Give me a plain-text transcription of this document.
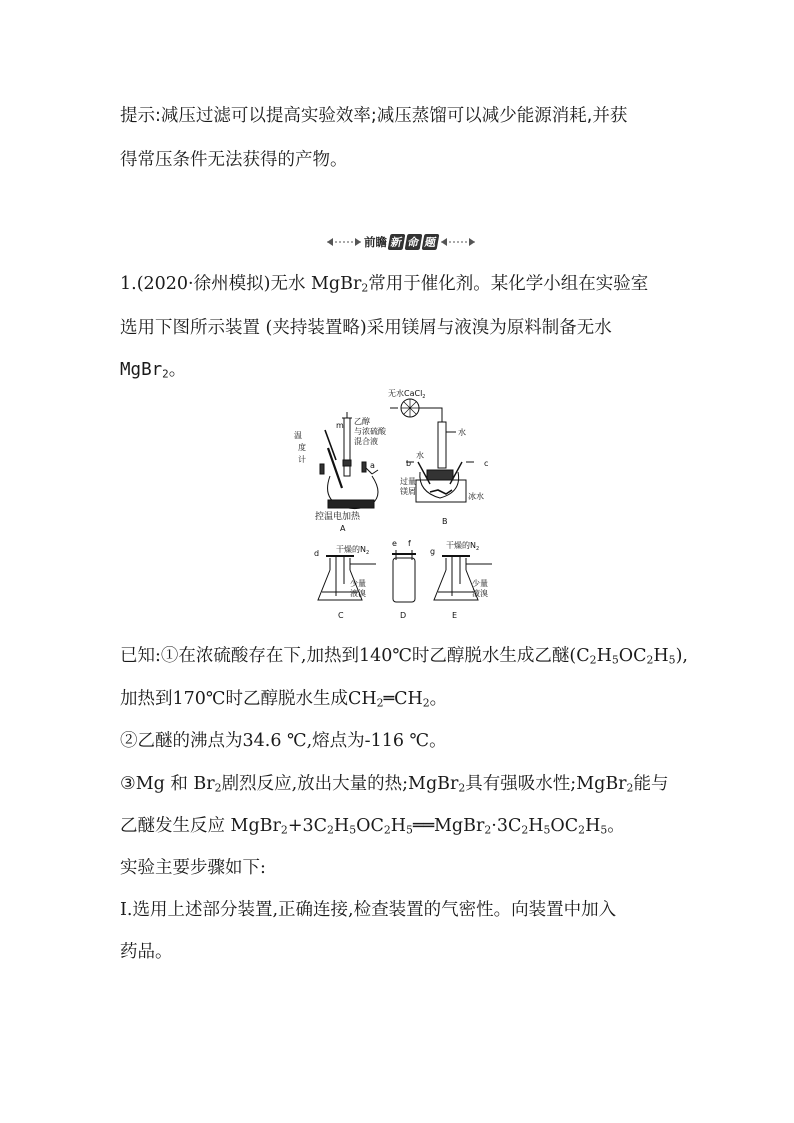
提示:减压过滤可以提高实验效率;减压蒸馏可以减少能源消耗,并获
得常压条件无法获得的产物。
前瞻 新 命 题
1.(2020·徐州模拟)无水 MgBr$_2$常用于催化剂。某化学小组在实验室
选用下图所示装置 (夹持装置略)采用镁屑与液溴为原料制备无水
MgBr$_2$。
无水CaCl$_2$
水
水
m 乙醇
与浓硫酸
混合液
温
度
计
a
控温电加热
A
b	c
过量
镁屑
冰水
B
d 干燥的$N_2$
少量
液溴
C
e f
D
g
干燥的$N_2$
少量
液溴
E
已知:①在浓硫酸存在下,加热到140℃时乙醇脱水生成乙醚$(C_2H_5OC_2H_5)$,
加热到170℃时乙醇脱水生成$CH_2═CH_2$。
②乙醚的沸点为34.6 ℃,熔点为-116 ℃。
③Mg 和 $Br_2$剧烈反应,放出大量的热;MgBr$_2$具有强吸水性;MgBr$_2$能与
乙醚发生反应 $MgBr_2+3C_2H_5OC_2H_5══MgBr_2\cdot 3C_2H_5OC_2H_5$。
实验主要步骤如下:
Ⅰ.选用上述部分装置,正确连接,检查装置的气密性。向装置中加入
药品。
